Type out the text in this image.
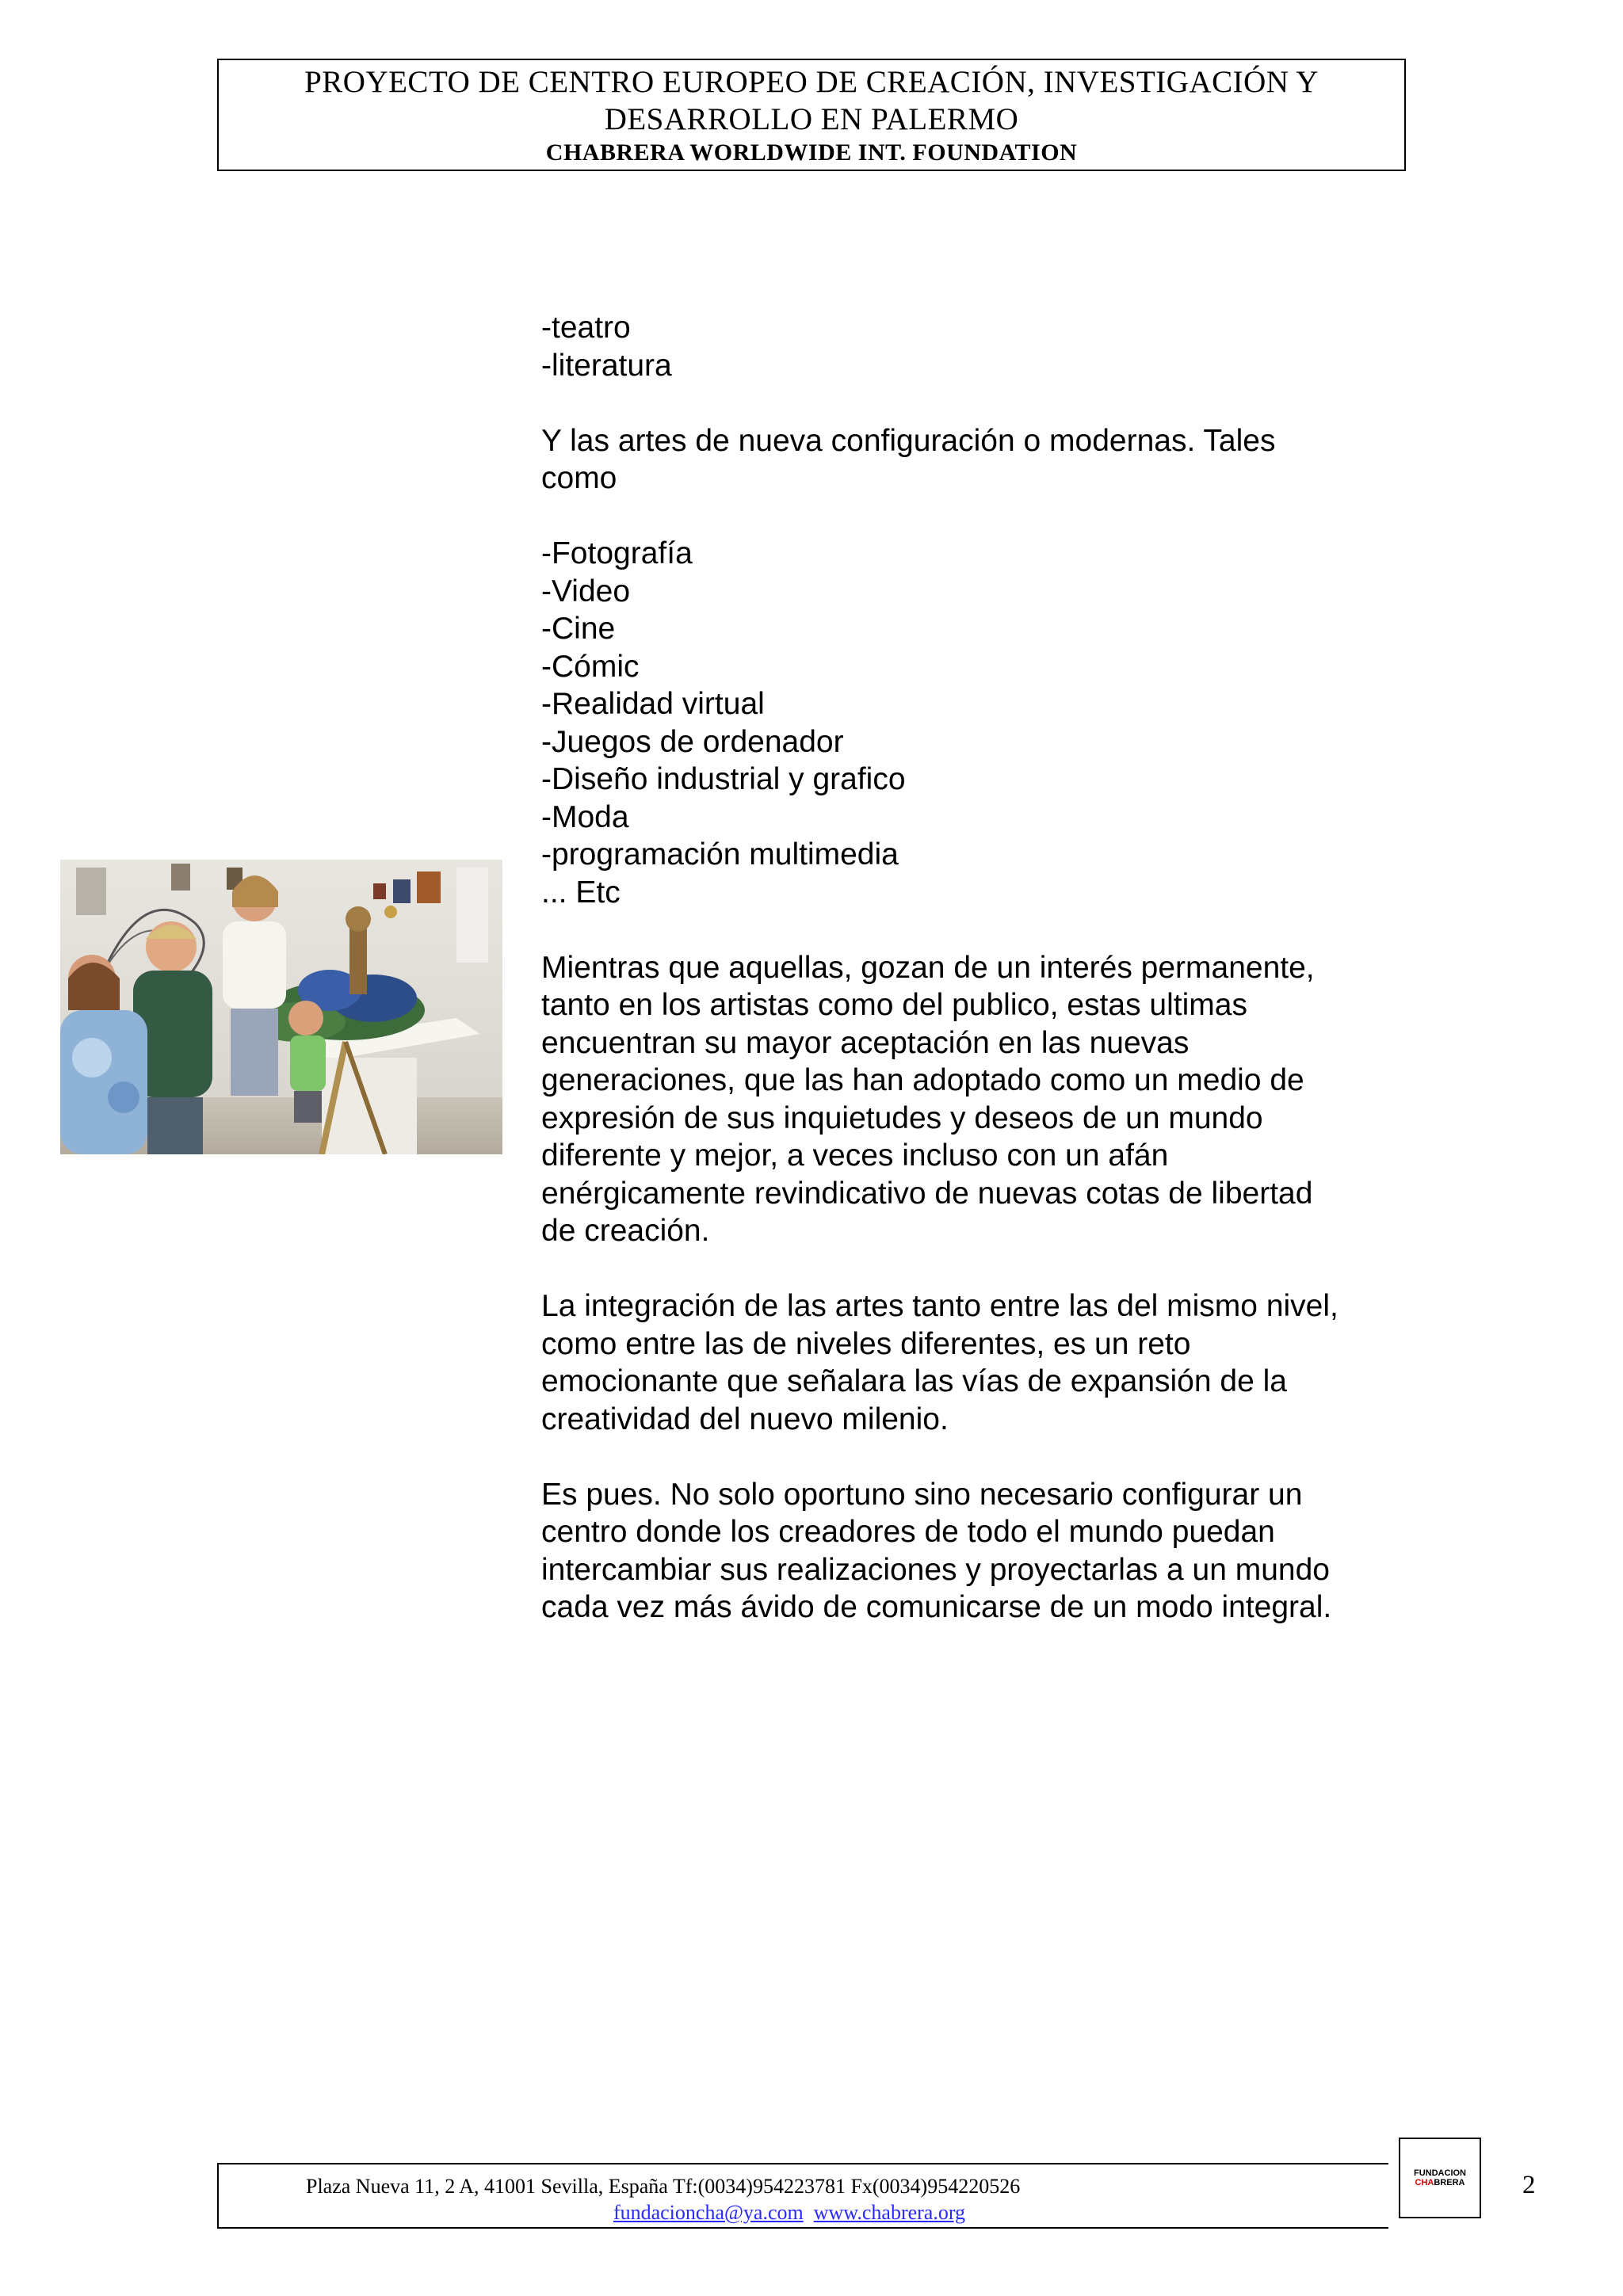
PROYECTO DE CENTRO EUROPEO DE CREACIÓN, INVESTIGACIÓN Y
DESARROLLO EN PALERMO
CHABRERA WORLDWIDE INT. FOUNDATION
-teatro
-literatura
Y las artes de nueva configuración o modernas. Tales
como
-Fotografía
-Video
-Cine
-Cómic
-Realidad virtual
-Juegos de ordenador
-Diseño industrial y grafico
-Moda
-programación multimedia
... Etc
Mientras que aquellas, gozan de un interés permanente,
tanto en los artistas como del publico, estas ultimas
encuentran su mayor aceptación en las nuevas
generaciones, que las han adoptado como un medio de
expresión de sus inquietudes y deseos de un mundo
diferente y mejor, a veces incluso con un afán
enérgicamente revindicativo de nuevas cotas de libertad
de creación.
La integración de las artes tanto entre las del mismo nivel,
como entre las de niveles diferentes, es un reto
emocionante que señalara las vías de expansión de la
creatividad del nuevo milenio.
Es pues. No solo oportuno sino necesario configurar un
centro donde los creadores de todo el mundo puedan
intercambiar sus realizaciones y proyectarlas a un mundo
cada vez más ávido de comunicarse de un modo integral.
Plaza Nueva 11, 2 A, 41001 Sevilla, España Tf:(0034)954223781 Fx(0034)954220526	2
fundacioncha@ya.com www.chabrera.org
FUNDACION
CHABRERA
